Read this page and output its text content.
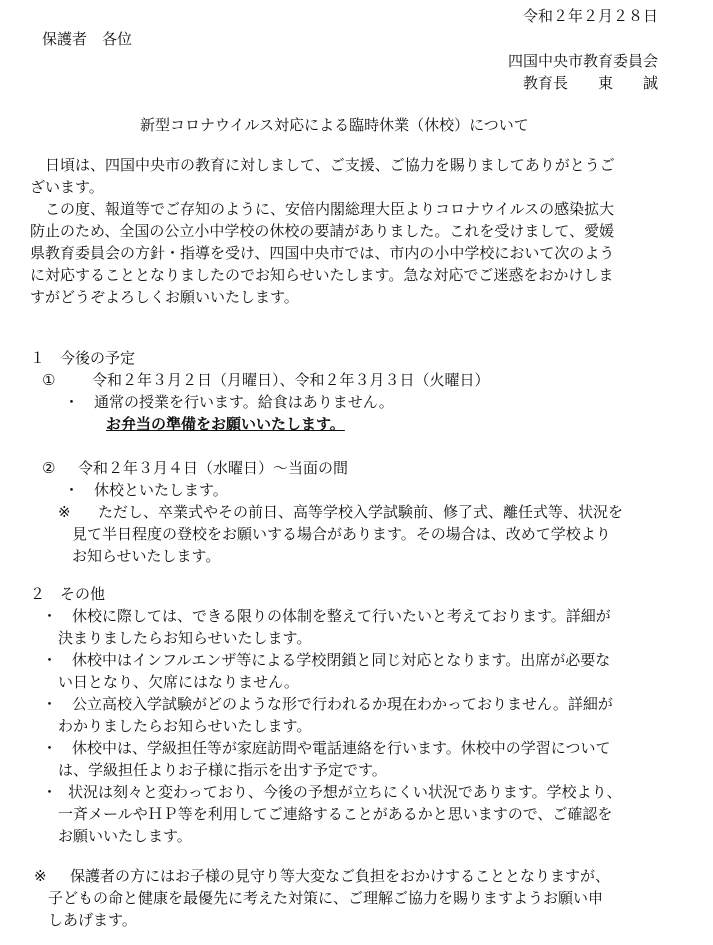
令和２年２月２８日
保護者　各位
四国中央市教育委員会
教育長　　東　　誠
新型コロナウイルス対応による臨時休業（休校）について
　日頃は、四国中央市の教育に対しまして、ご支援、ご協力を賜りましてありがとうご
ざいます。
　この度、報道等でご存知のように、安倍内閣総理大臣よりコロナウイルスの感染拡大
防止のため、全国の公立小中学校の休校の要請がありました。これを受けまして、愛媛
県教育委員会の方針・指導を受け、四国中央市では、市内の小中学校において次のよう
に対応することとなりましたのでお知らせいたします。急な対応でご迷惑をおかけしま
すがどうぞよろしくお願いいたします。
１　今後の予定
① 令和２年３月２日（月曜日）、令和２年３月３日（火曜日）
・　通常の授業を行います。給食はありません。
お弁当の準備をお願いいたします。
② 令和２年３月４日（水曜日）～当面の間
・　休校といたします。
※ ただし、卒業式やその前日、高等学校入学試験前、修了式、離任式等、状況を
見て半日程度の登校をお願いする場合があります。その場合は、改めて学校より
お知らせいたします。
２　その他
・ 休校に際しては、できる限りの体制を整えて行いたいと考えております。詳細が
決まりましたらお知らせいたします。
・ 休校中はインフルエンザ等による学校閉鎖と同じ対応となります。出席が必要な
い日となり、欠席にはなりません。
・ 公立高校入学試験がどのような形で行われるか現在わかっておりません。詳細が
わかりましたらお知らせいたします。
・ 休校中は、学級担任等が家庭訪問や電話連絡を行います。休校中の学習について
は、学級担任よりお子様に指示を出す予定です。
・ 状況は刻々と変わっており、今後の予想が立ちにくい状況であります。学校より、
一斉メールやＨＰ等を利用してご連絡することがあるかと思いますので、ご確認を
お願いいたします。
※ 保護者の方にはお子様の見守り等大変なご負担をおかけすることとなりますが、
子どもの命と健康を最優先に考えた対策に、ご理解ご協力を賜りますようお願い申
しあげます。
